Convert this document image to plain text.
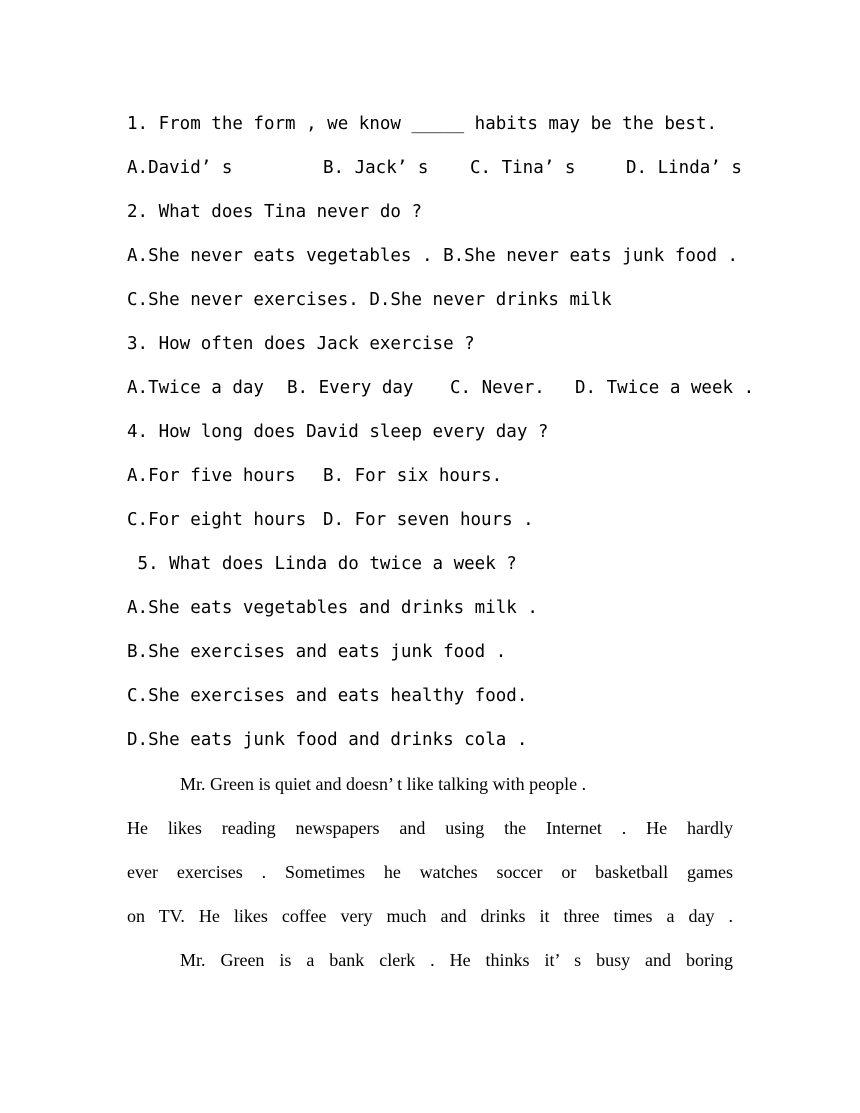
1. From the form , we know _____ habits may be the best.
A.David’ s	B. Jack’ s C. Tina’ s	D. Linda’ s
2. What does Tina never do ?
A.She never eats vegetables . B.She never eats junk food .
C.She never exercises. D.She never drinks milk
3. How often does Jack exercise ?
A.Twice a day B. Every day C. Never. D. Twice a week .
4. How long does David sleep every day ?
A.For five hours B. For six hours.
C.For eight hours D. For seven hours .
5. What does Linda do twice a week ?
A.She eats vegetables and drinks milk .
B.She exercises and eats junk food .
C.She exercises and eats healthy food.
D.She eats junk food and drinks cola .
Mr. Green is quiet and doesn’ t like talking with people .
He likes reading newspapers and using the Internet . He hardly
ever exercises . Sometimes he watches soccer or basketball games
on TV. He likes coffee very much and drinks it three times a day .
Mr. Green is a bank clerk . He thinks it’ s busy and boring
